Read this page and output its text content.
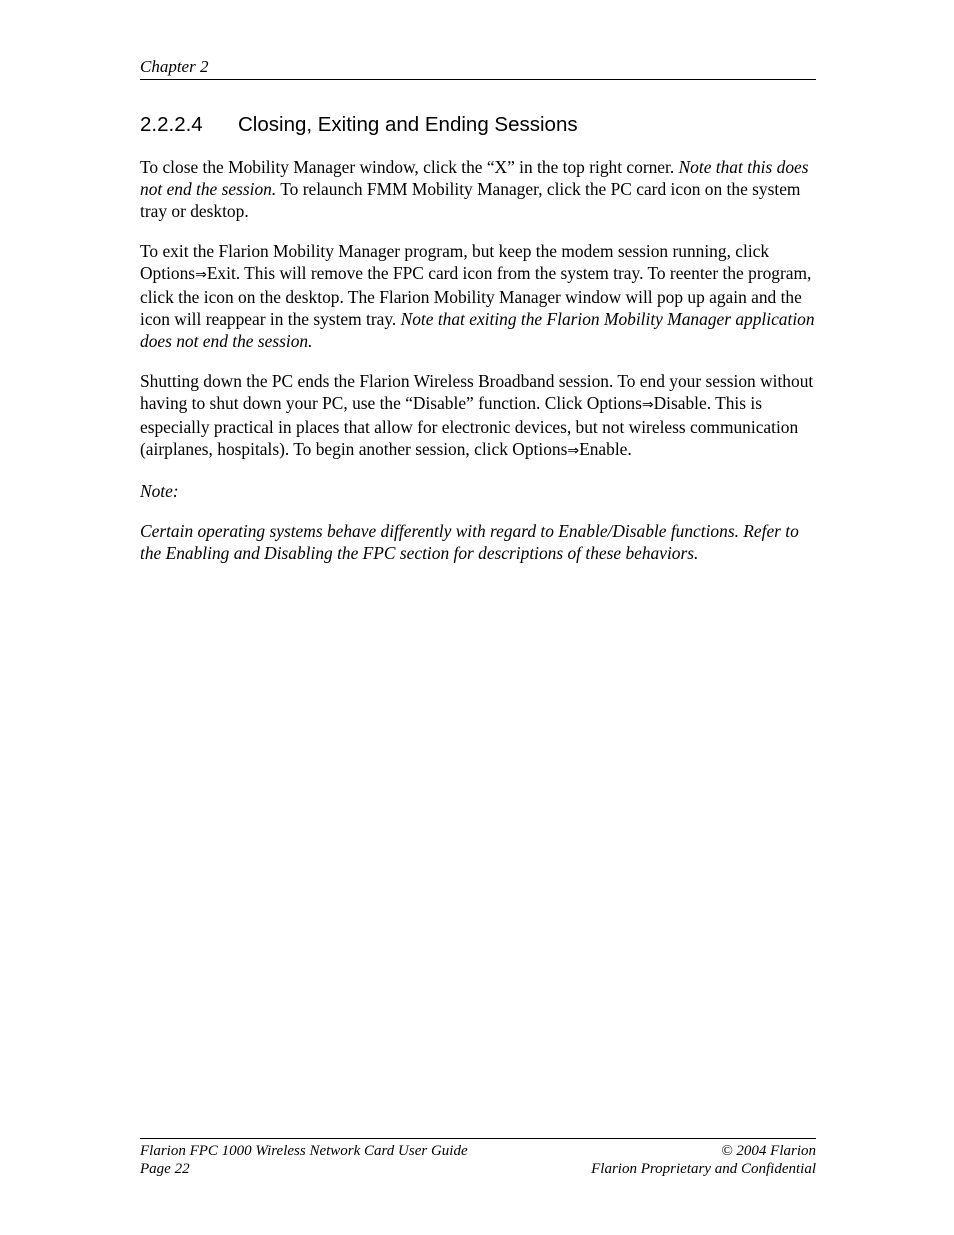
Chapter 2
2.2.2.4 Closing, Exiting and Ending Sessions

To close the Mobility Manager window, click the “X” in the top right corner. Note that this does not end the session. To relaunch FMM Mobility Manager, click the PC card icon on the system tray or desktop.

To exit the Flarion Mobility Manager program, but keep the modem session running, click Options⇒Exit. This will remove the FPC card icon from the system tray. To reenter the program, click the icon on the desktop. The Flarion Mobility Manager window will pop up again and the icon will reappear in the system tray. Note that exiting the Flarion Mobility Manager application does not end the session.

Shutting down the PC ends the Flarion Wireless Broadband session. To end your session without having to shut down your PC, use the “Disable” function. Click Options⇒Disable. This is especially practical in places that allow for electronic devices, but not wireless communication (airplanes, hospitals). To begin another session, click Options⇒Enable.

Note:

Certain operating systems behave differently with regard to Enable/Disable functions. Refer to the Enabling and Disabling the FPC section for descriptions of these behaviors.

Flarion FPC 1000 Wireless Network Card User Guide	© 2004 Flarion
Page 22	Flarion Proprietary and Confidential
